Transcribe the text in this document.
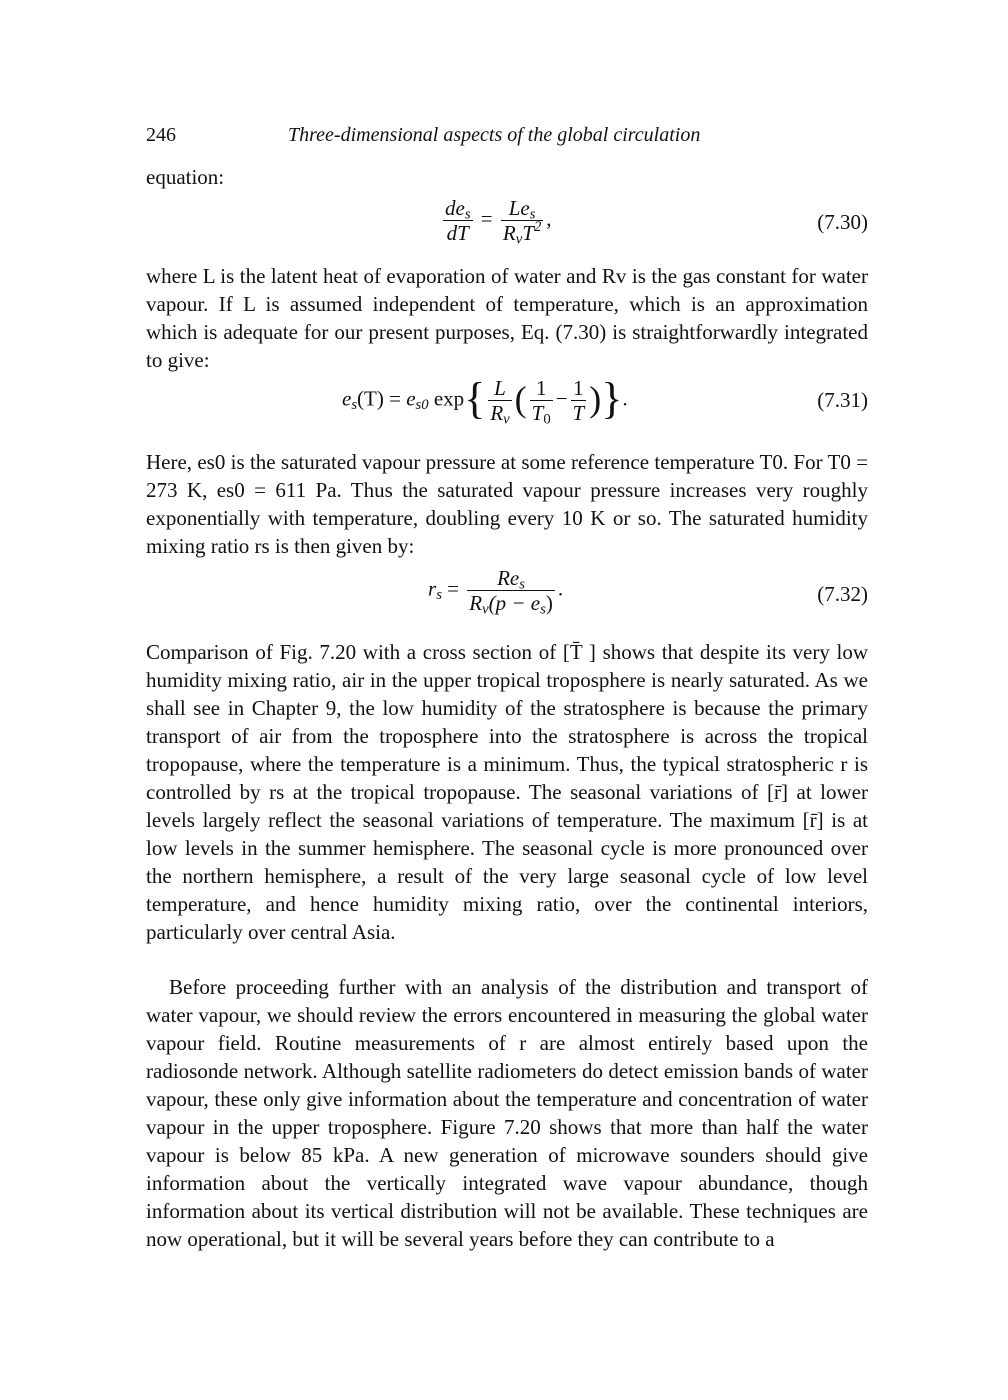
246	Three-dimensional aspects of the global circulation

equation:

$\frac{de_s}{dT} = \frac{Le_s}{R_vT^2}$ ,	(7.30)

where L is the latent heat of evaporation of water and Rv is the gas constant for water vapour. If L is assumed independent of temperature, which is an approximation which is adequate for our present purposes, Eq. (7.30) is straightforwardly integrated to give:

$e_s(T) = e_{s0}$ $\exp\{ \frac{L}{R_v}$ ( $\frac{1}{T_0} - \frac{1}{T}$ )}.	(7.31)

Here, es0 is the saturated vapour pressure at some reference temperature T0. For T0 = 273 K, es0 = 611 Pa. Thus the saturated vapour pressure increases very roughly exponentially with temperature, doubling every 10 K or so. The saturated humidity mixing ratio rs is then given by:

$r_s = \frac{Re_s}{R_v(p - e_s)}$ .	(7.32)

Comparison of Fig. 7.20 with a cross section of [T̄ ] shows that despite its very low humidity mixing ratio, air in the upper tropical troposphere is nearly saturated. As we shall see in Chapter 9, the low humidity of the stratosphere is because the primary transport of air from the troposphere into the stratosphere is across the tropical tropopause, where the temperature is a minimum. Thus, the typical stratospheric r is controlled by rs at the tropical tropopause. The seasonal variations of [r̄] at lower levels largely reflect the seasonal variations of temperature. The maximum [r̄] is at low levels in the summer hemisphere. The seasonal cycle is more pronounced over the northern hemisphere, a result of the very large seasonal cycle of low level temperature, and hence humidity mixing ratio, over the continental interiors, particularly over central Asia.

Before proceeding further with an analysis of the distribution and transport of water vapour, we should review the errors encountered in measuring the global water vapour field. Routine measurements of r are almost entirely based upon the radiosonde network. Although satellite radiometers do detect emission bands of water vapour, these only give information about the temperature and concentration of water vapour in the upper troposphere. Figure 7.20 shows that more than half the water vapour is below 85 kPa. A new generation of microwave sounders should give information about the vertically integrated wave vapour abundance, though information about its vertical distribution will not be available. These techniques are now operational, but it will be several years before they can contribute to a
